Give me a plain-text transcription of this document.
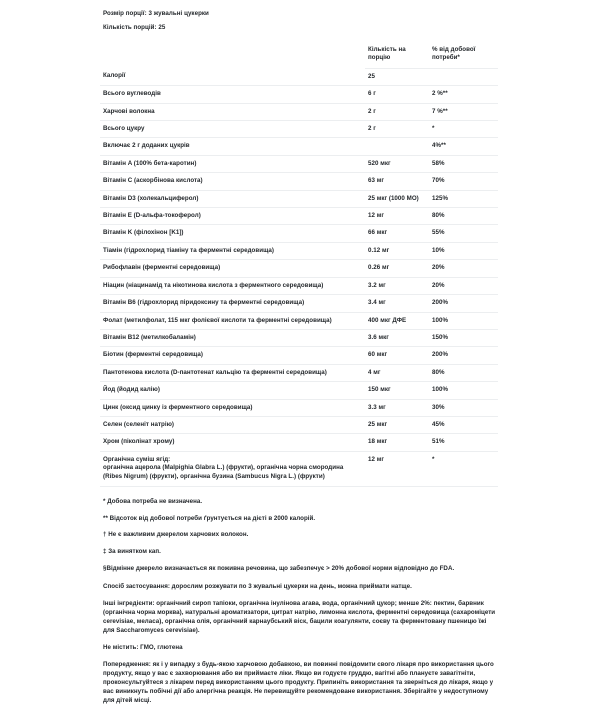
Розмір порції: 3 жувальні цукерки
Кількість порцій: 25
	Кількість на порцію	% від добової потреби*
Калорії	25	
Всього вуглеводів	6 г	2 %**
Харчові волокна	2 г	7 %**
Всього цукру	2 г	*
Включає 2 г доданих цукрів		4%**
Вітамін A (100% бета-каротин)	520 мкг	58%
Вітамін C (аскорбінова кислота)	63 мг	70%
Вітамін D3 (холекальциферол)	25 мкг (1000 МО)	125%
Вітамін E (D-альфа-токоферол)	12 мг	80%
Вітамін K (філохінон [K1])	66 мкг	55%
Тіамін (гідрохлорид тіаміну та ферментні середовища)	0.12 мг	10%
Рибофлавін (ферментні середовища)	0.26 мг	20%
Ніацин (ніацинамід та нікотинова кислота з ферментного середовища)	3.2 мг	20%
Вітамін B6 (гідрохлорид піридоксину та ферментні середовища)	3.4 мг	200%
Фолат (метилфолат, 115 мкг фолієвої кислоти та ферментні середовища)	400 мкг ДФЕ	100%
Вітамін B12 (метилкобаламін)	3.6 мкг	150%
Біотин (ферментні середовища)	60 мкг	200%
Пантотенова кислота (D-пантотенат кальцію та ферментні середовища)	4 мг	80%
Йод (йодид калію)	150 мкг	100%
Цинк (оксид цинку із ферментного середовища)	3.3 мг	30%
Селен (селеніт натрію)	25 мкг	45%
Хром (піколінат хрому)	18 мкг	51%
Органічна суміш ягід:
органічна ацерола (Malpighia Glabra L.) (фрукти), органічна чорна смородина (Ribes Nigrum) (фрукти), органічна бузина (Sambucus Nigra L.) (фрукти)	12 мг	*
* Добова потреба не визначена.
** Відсоток від добової потреби ґрунтується на дієті в 2000 калорій.
† Не є важливим джерелом харчових волокон.
‡ За винятком кап.
§Відмінне джерело визначається як поживна речовина, що забезпечує > 20% добової норми відповідно до FDA.

Спосіб застосування: дорослим розжувати по 3 жувальні цукерки на день, можна приймати натще.

Інші інгредієнти: органічний сироп тапіоки, органічна інулінова агава, вода, органічний цукор; менше 2%: пектин, барвник (органічна чорна морква), натуральні ароматизатори, цитрат натрію, лимонна кислота, ферментні середовища (сахароміцети cerevisiae, меласа), органічна олія, органічний карнаубський віск, бацили коагулянти, соєву та ферментовану пшеницю їжі для Saccharomyces cerevisiae).

Не містить: ГМО, глютена

Попередження: як і у випадку з будь-якою харчовою добавкою, ви повинні повідомити свого лікаря про використання цього продукту, якщо у вас є захворювання або ви приймаєте ліки. Якщо ви годуєте груддю, вагітні або плануєте завагітніти, проконсультуйтеся з лікарем перед використанням цього продукту. Припиніть використання та зверніться до лікаря, якщо у вас виникнуть побічні дії або алергічна реакція. Не перевищуйте рекомендоване використання. Зберігайте у недоступному для дітей місці.
